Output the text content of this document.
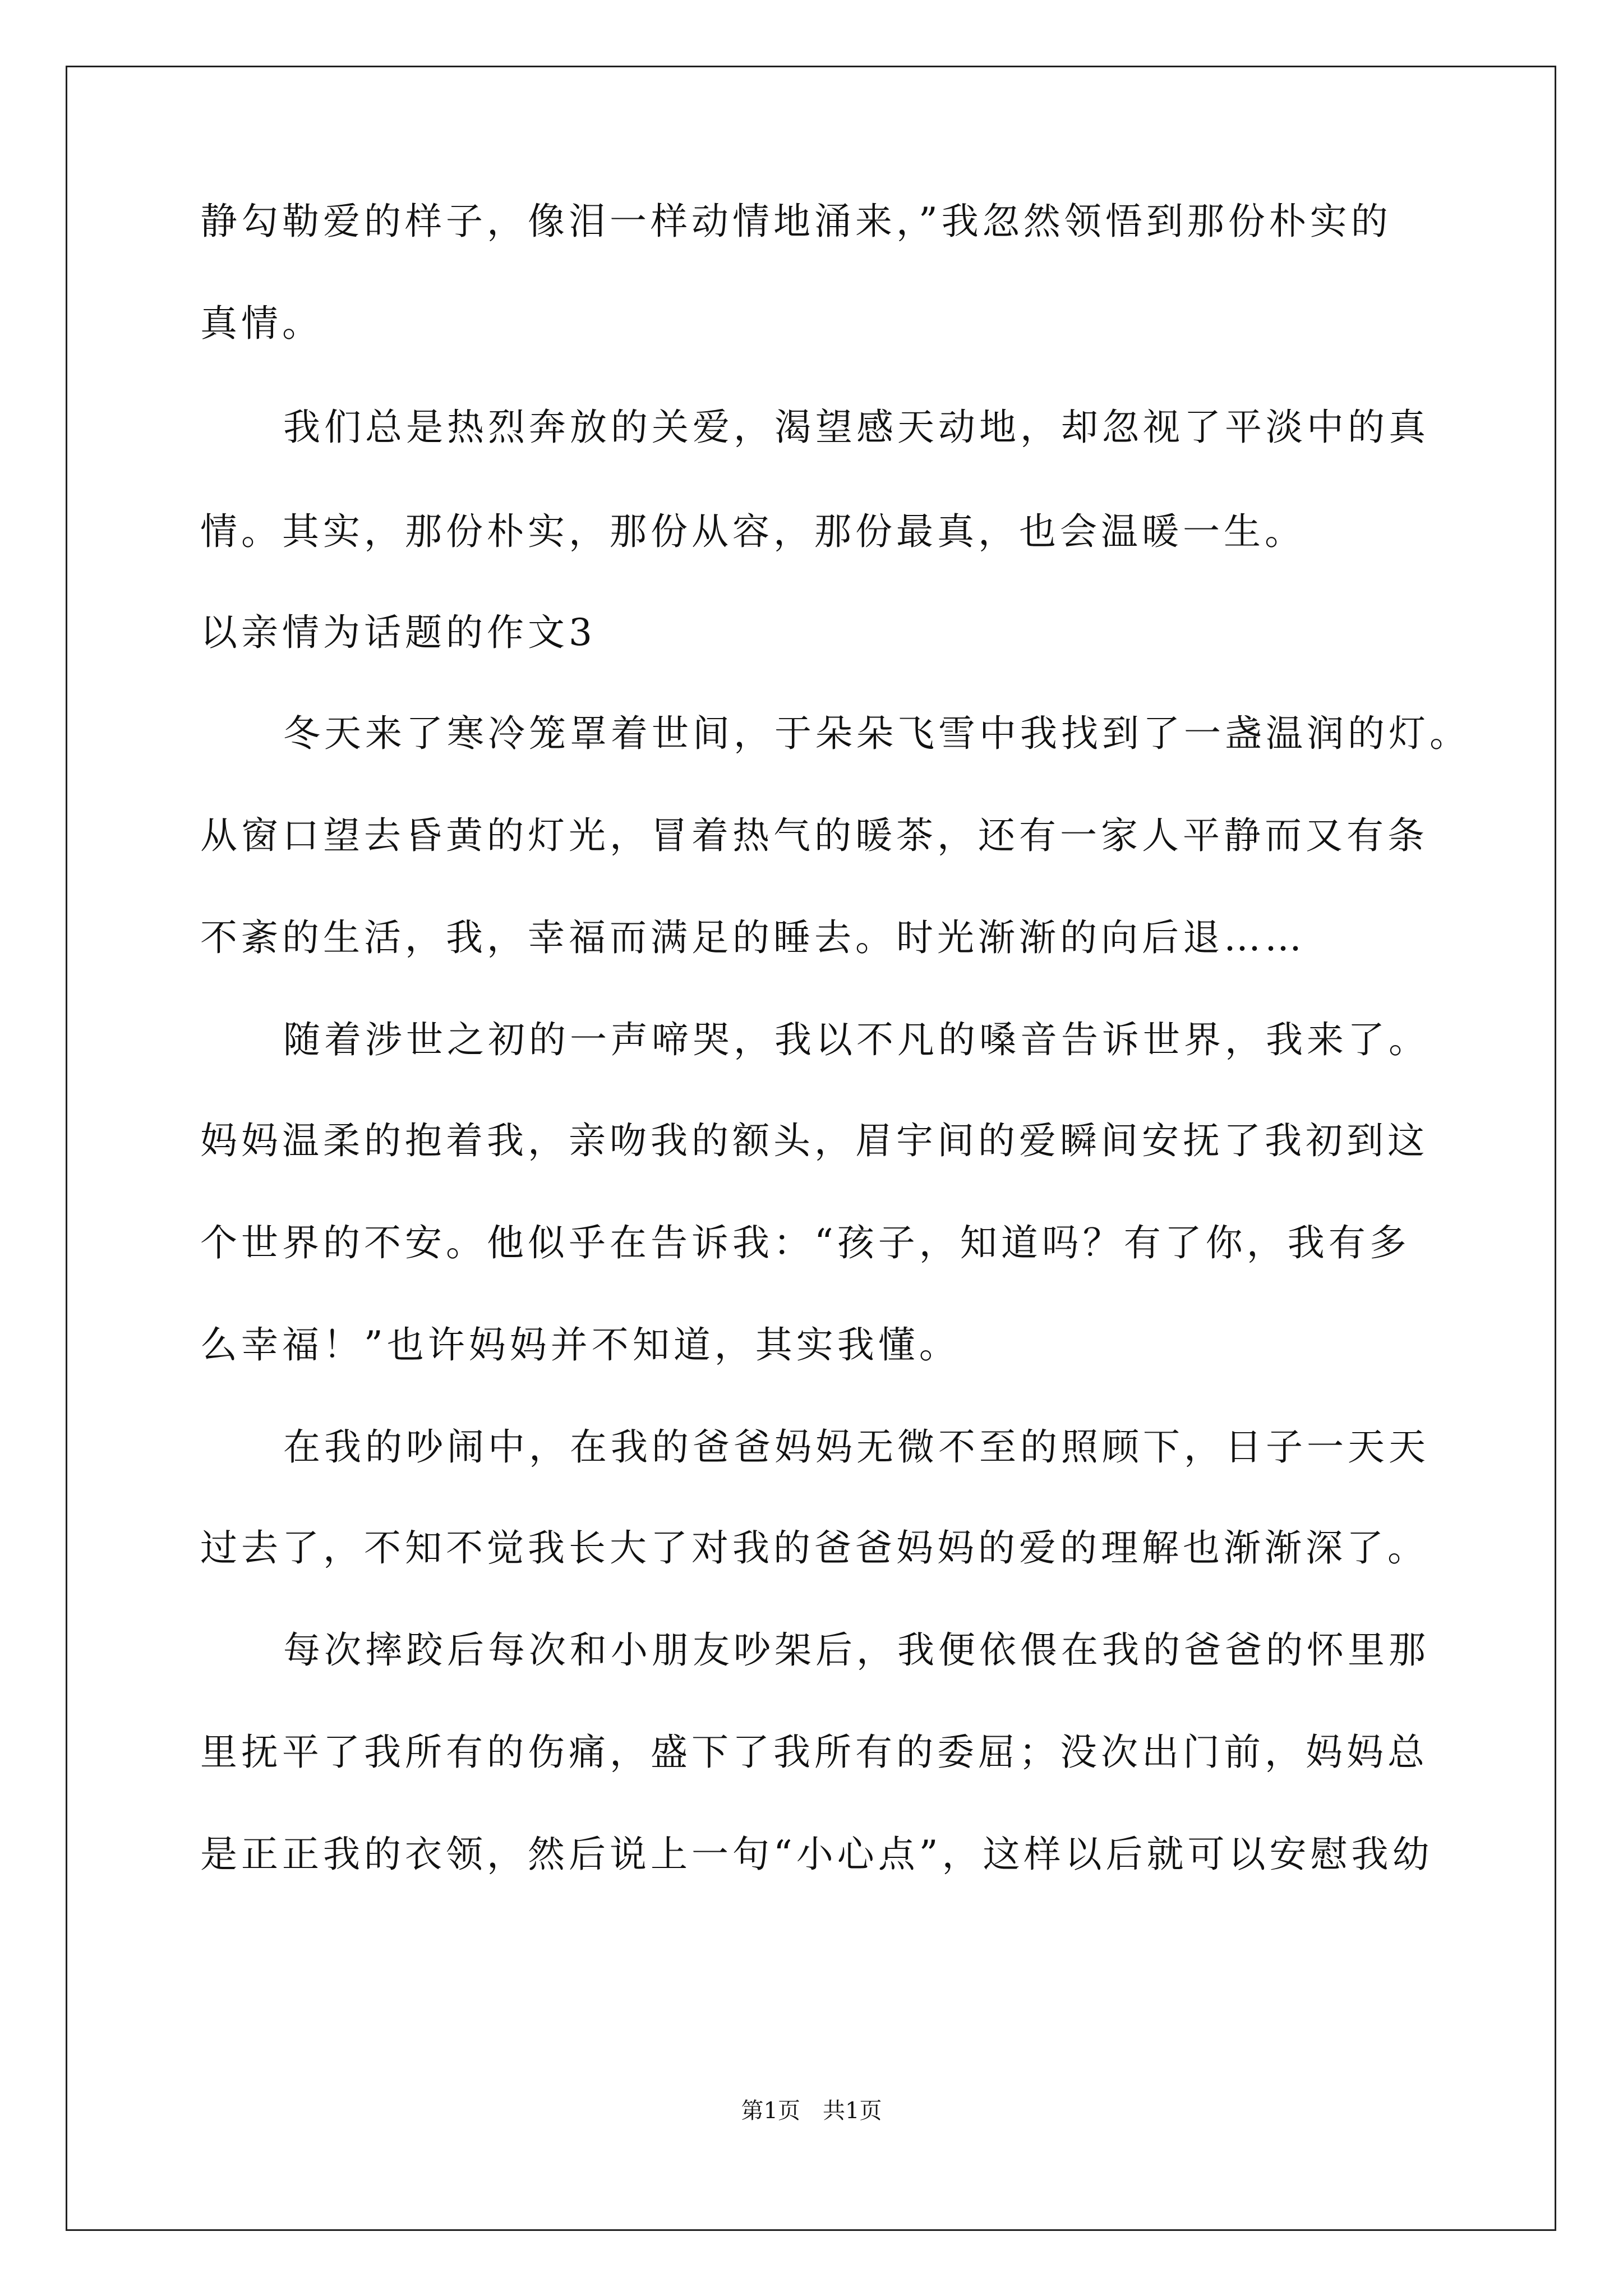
静勾勒爱的样子，像泪一样动情地涌来，”我忽然领悟到那份朴实的
真情。
我们总是热烈奔放的关爱，渴望感天动地，却忽视了平淡中的真
情。其实，那份朴实，那份从容，那份最真，也会温暖一生。
以亲情为话题的作文3
冬天来了寒冷笼罩着世间，于朵朵飞雪中我找到了一盏温润的灯。
从窗口望去昏黄的灯光，冒着热气的暖茶，还有一家人平静而又有条
不紊的生活，我，幸福而满足的睡去。时光渐渐的向后退……
随着涉世之初的一声啼哭，我以不凡的嗓音告诉世界，我来了。
妈妈温柔的抱着我，亲吻我的额头，眉宇间的爱瞬间安抚了我初到这
个世界的不安。他似乎在告诉我：“孩子，知道吗？有了你，我有多
么幸福！”也许妈妈并不知道，其实我懂。
在我的吵闹中，在我的爸爸妈妈无微不至的照顾下，日子一天天
过去了，不知不觉我长大了对我的爸爸妈妈的爱的理解也渐渐深了。
每次摔跤后每次和小朋友吵架后，我便依偎在我的爸爸的怀里那
里抚平了我所有的伤痛，盛下了我所有的委屈；没次出门前，妈妈总
是正正我的衣领，然后说上一句“小心点”，这样以后就可以安慰我幼
第1页　共1页
